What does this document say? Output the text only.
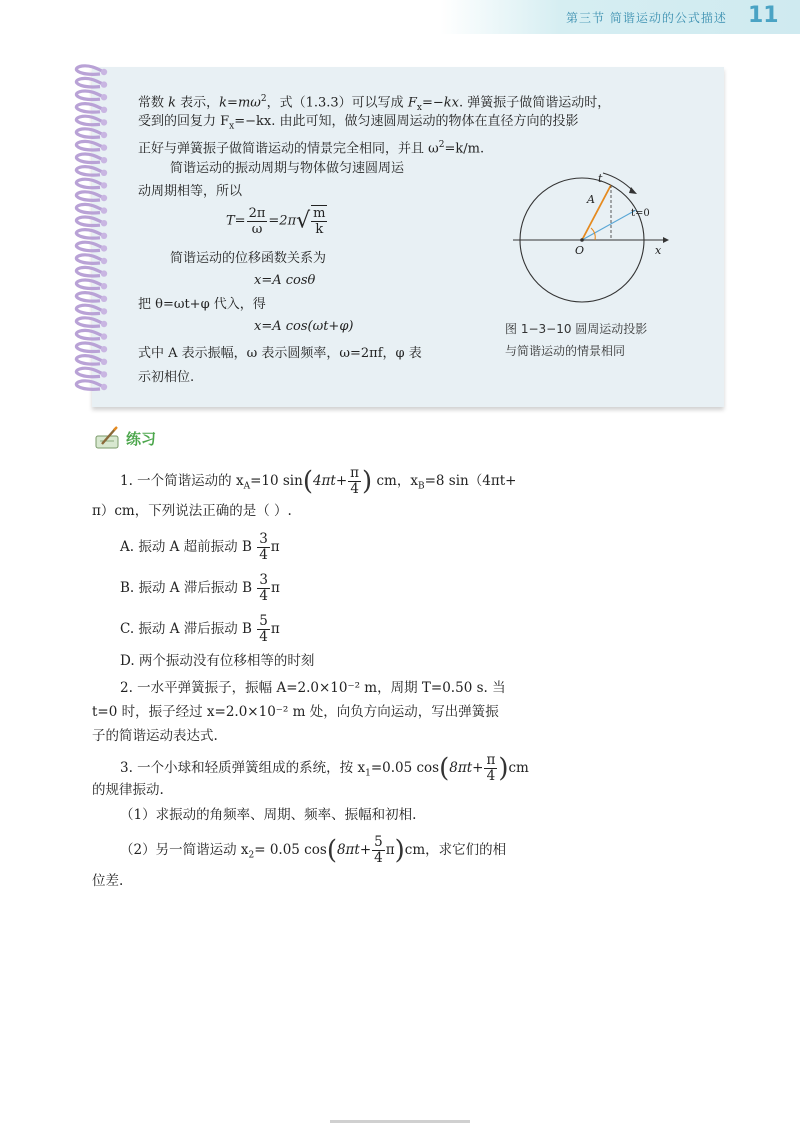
第三节 简谐运动的公式描述 11
常数 k 表示，$k=m\omega^2$，式（1.3.3）可以写成 $F_x=-kx$. 弹簧振子做简谐运动时，
受到的回复力 $F_x=-kx$. 由此可知，做匀速圆周运动的物体在直径方向的投影
正好与弹簧振子做简谐运动的情景完全相同，并且 $\omega^2=k/m$.
简谐运动的振动周期与物体做匀速圆周运
动周期相等，所以
$T= \frac{2\pi}{\omega} =2\pi√ \frac{m}{k}$
简谐运动的位移函数关系为
x=A cosθ
把 θ=ωt+φ 代入，得
x=A cos(ωt+φ)
式中 A 表示振幅，ω 表示圆频率，ω=2πf，φ 表
示初相位.
t
A
t=0
O	x
图 1−3−10 圆周运动投影
与简谐运动的情景相同
练习
1. 一个简谐运动的 $x_A=10$ $\sin(4\pi t+ \frac{\pi}{4}$ ) cm，$x_B=8$ sin（4πt+
π）cm，下列说法正确的是（ ）.
A. 振动 A 超前振动 B $\frac{3}{4}$ π
B. 振动 A 滞后振动 B $\frac{3}{4}$ π
C. 振动 A 滞后振动 B $\frac{5}{4}$ π
D. 两个振动没有位移相等的时刻
2. 一水平弹簧振子，振幅 A=2.0×10⁻² m，周期 T=0.50 s. 当
t=0 时，振子经过 x=2.0×10⁻² m 处，向负方向运动，写出弹簧振
子的简谐运动表达式.
3. 一个小球和轻质弹簧组成的系统，按 $x_1=0.05$ $\cos(8\pi t+ \frac{\pi}{4} )cm$
的规律振动.
（1）求振动的角频率、周期、频率、振幅和初相.
（2）另一简谐运动 $x_2= 0.05$ $\cos(8\pi t+ \frac{5}{4} \pi)cm$，求它们的相
位差.
